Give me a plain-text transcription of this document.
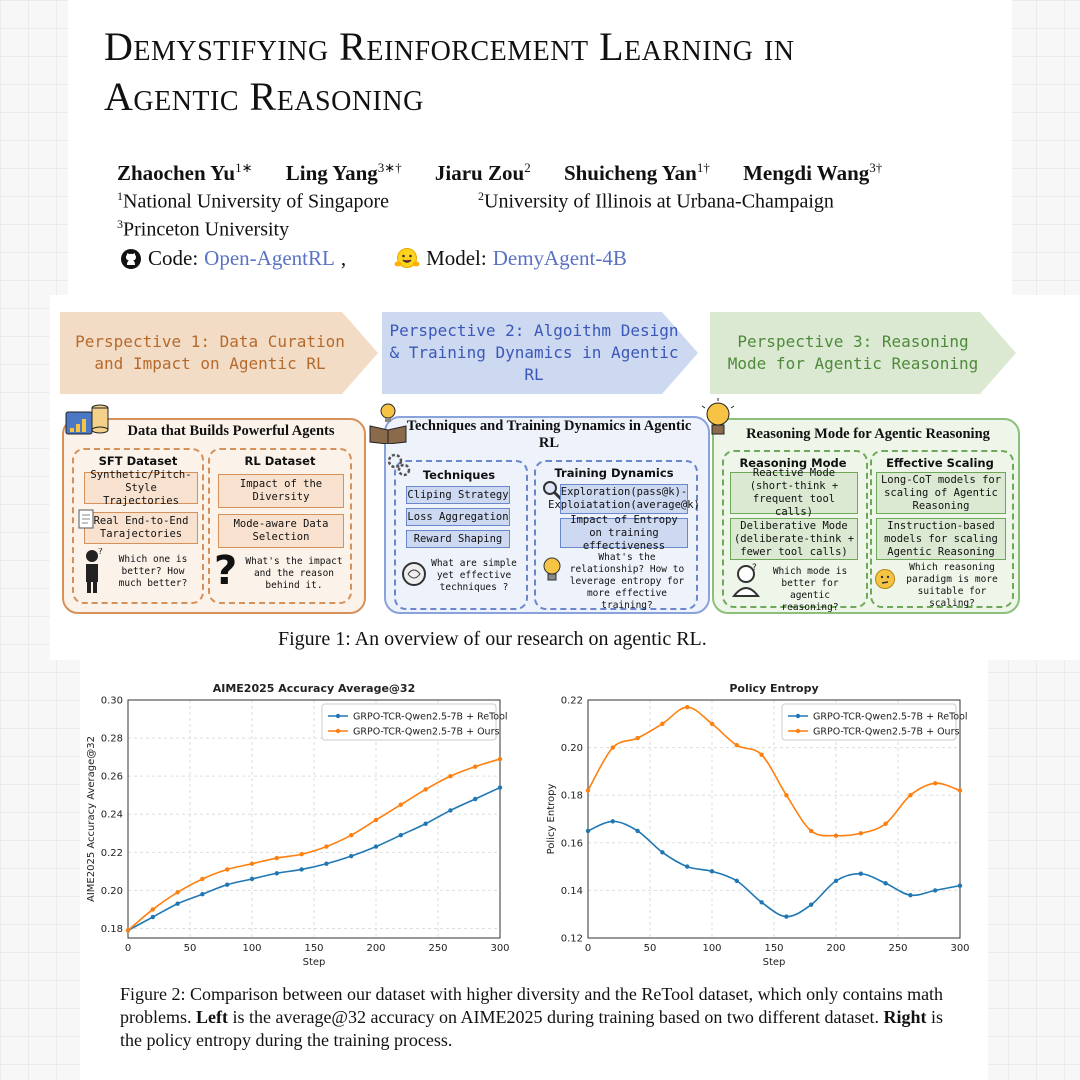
Demystifying Reinforcement Learning in
Agentic Reasoning
Zhaochen $Yu^{1∗}$ Ling Yang$^{3∗\dagger}$ Jiaru Zou$^2$ Shuicheng Yan$^{1\dagger}$ Mengdi Wang$^{3\dagger}$
$^1$National University of Singapore	$^2$University of Illinois at Urbana-Champaign
$^3$Princeton University
Code: Open-AgentRL ,	Model: DemyAgent-4B
Perspective 1: Data Curation and Impact on Agentic RL
Perspective 2: Algoithm Design & Training Dynamics in Agentic RL
Perspective 3: Reasoning Mode for Agentic Reasoning
Data that Builds Powerful Agents
SFT Dataset
Synthetic/Pitch-Style Trajectories
Real End-to-End Tarajectories
?
Which one is better? How much better?
RL Dataset
Impact of the Diversity
Mode-aware Data Selection
? What's the impact and the reason behind it.
Techniques and Training Dynamics in Agentic RL
Techniques
Cliping Strategy
Loss Aggregation
Reward Shaping
What are simple yet effective techniques ?
Training Dynamics
Exploration(pass@k)-Exploiatation(average@k)
Impact of Entropy on training effectiveness
What's the relationship? How to leverage entropy for more effective training?
Reasoning Mode for Agentic Reasoning
Reasoning Mode
Reactive Mode (short-think + frequent tool calls)
Deliberative Mode (deliberate-think + fewer tool calls)
?	Which mode is better for agentic reasoning?
Effective Scaling
Long-CoT models for scaling of Agentic Reasoning
Instruction-based models for scaling Agentic Reasoning
Which reasoning paradigm is more suitable for scaling?
Figure 1: An overview of our research on agentic RL.
0.18
0.20
0.22
0.24
0.26
0.28
0.30
0	50	100	150	200	250	300
AIME2025 Accuracy Average@32
Step
AIME2025 Accuracy Average@32
GRPO-TCR-Qwen2.5-7B + ReTool
GRPO-TCR-Qwen2.5-7B + Ours
0.12
0.14
0.16
0.18
0.20
0.22
0	50	100	150	200	250	300
Policy Entropy
Step
Policy Entropy
GRPO-TCR-Qwen2.5-7B + ReTool
GRPO-TCR-Qwen2.5-7B + Ours
Figure 2: Comparison between our dataset with higher diversity and the ReTool dataset, which only contains math problems. Left is the average@32 accuracy on AIME2025 during training based on two different dataset. Right is the policy entropy during the training process.
